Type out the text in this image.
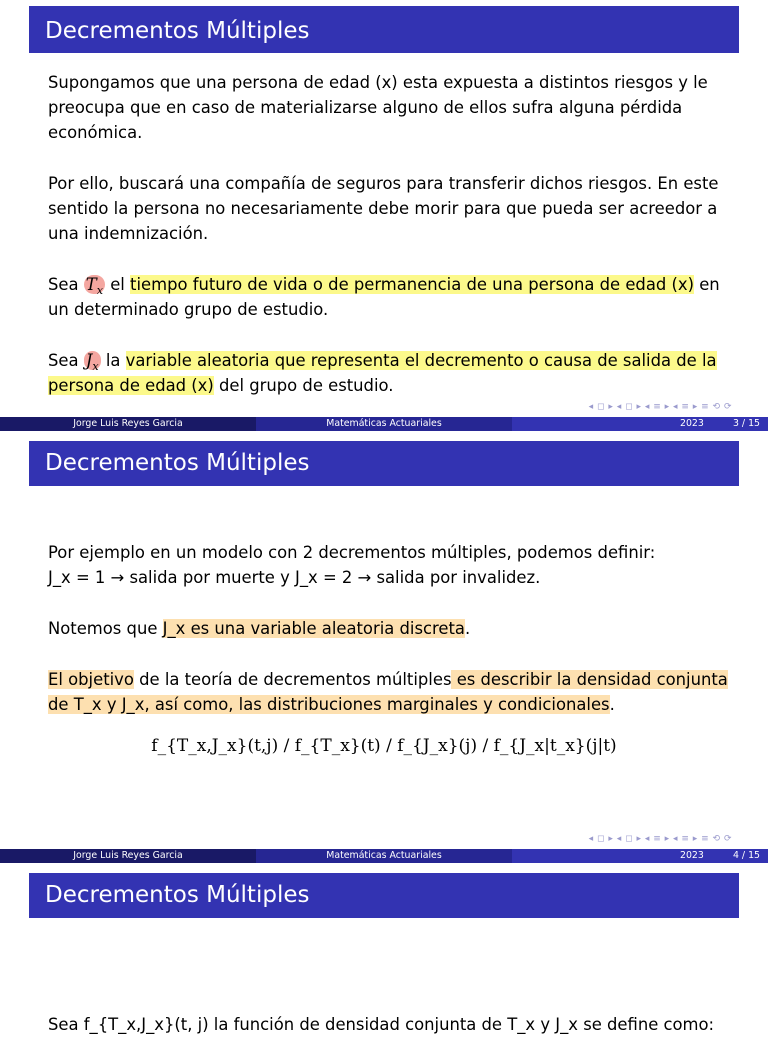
Decrementos Múltiples

Supongamos que una persona de edad (x) esta expuesta a distintos riesgos y le preocupa que en caso de materializarse alguno de ellos sufra alguna pérdida económica.

Por ello, buscará una compañía de seguros para transferir dichos riesgos. En este sentido la persona no necesariamente debe morir para que pueda ser acreedor a una indemnización.

Sea $T_x$ el tiempo futuro de vida o de permanencia de una persona de edad (x) en un determinado grupo de estudio.

Sea $J_x$ la variable aleatoria que representa el decremento o causa de salida de la persona de edad (x) del grupo de estudio.

◂ ◻ ▸ ◂ ◻ ▸ ◂ ≡ ▸ ◂ ≡ ▸ ≡ ⟲ ⟳
Jorge Luis Reyes Garcia	Matemáticas Actuariales	2023	3 / 15
Decrementos Múltiples

Por ejemplo en un modelo con 2 decrementos múltiples, podemos definir:

J_x = 1 → salida por muerte y J_x = 2 → salida por invalidez.

Notemos que J_x es una variable aleatoria discreta.

El objetivo de la teoría de decrementos múltiples es describir la densidad conjunta de T_x y J_x, así como, las distribuciones marginales y condicionales.

f_{T_x,J_x}(t,j) / f_{T_x}(t) / f_{J_x}(j) / f_{J_x|t_x}(j|t)
◂ ◻ ▸ ◂ ◻ ▸ ◂ ≡ ▸ ◂ ≡ ▸ ≡ ⟲ ⟳
Jorge Luis Reyes Garcia	Matemáticas Actuariales	2023	4 / 15
Decrementos Múltiples

Sea f_{T_x,J_x}(t, j) la función de densidad conjunta de T_x y J_x se define como:
